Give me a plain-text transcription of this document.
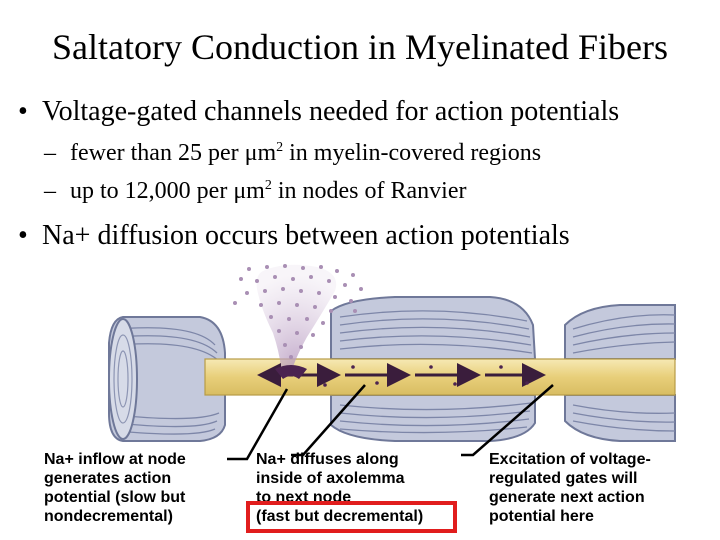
Saltatory Conduction in Myelinated Fibers
• Voltage-gated channels needed for action potentials
– fewer than 25 per $\mu m^2$ in myelin-covered regions
– up to 12,000 per $\mu m^2$ in nodes of Ranvier
• Na+ diffusion occurs between action potentials
Na+ inflow at node
generates action
potential (slow but
nondecremental)
Na+ diffuses along
inside of axolemma
to next node
(fast but decremental)
Excitation of voltage-
regulated gates will
generate next action
potential here
